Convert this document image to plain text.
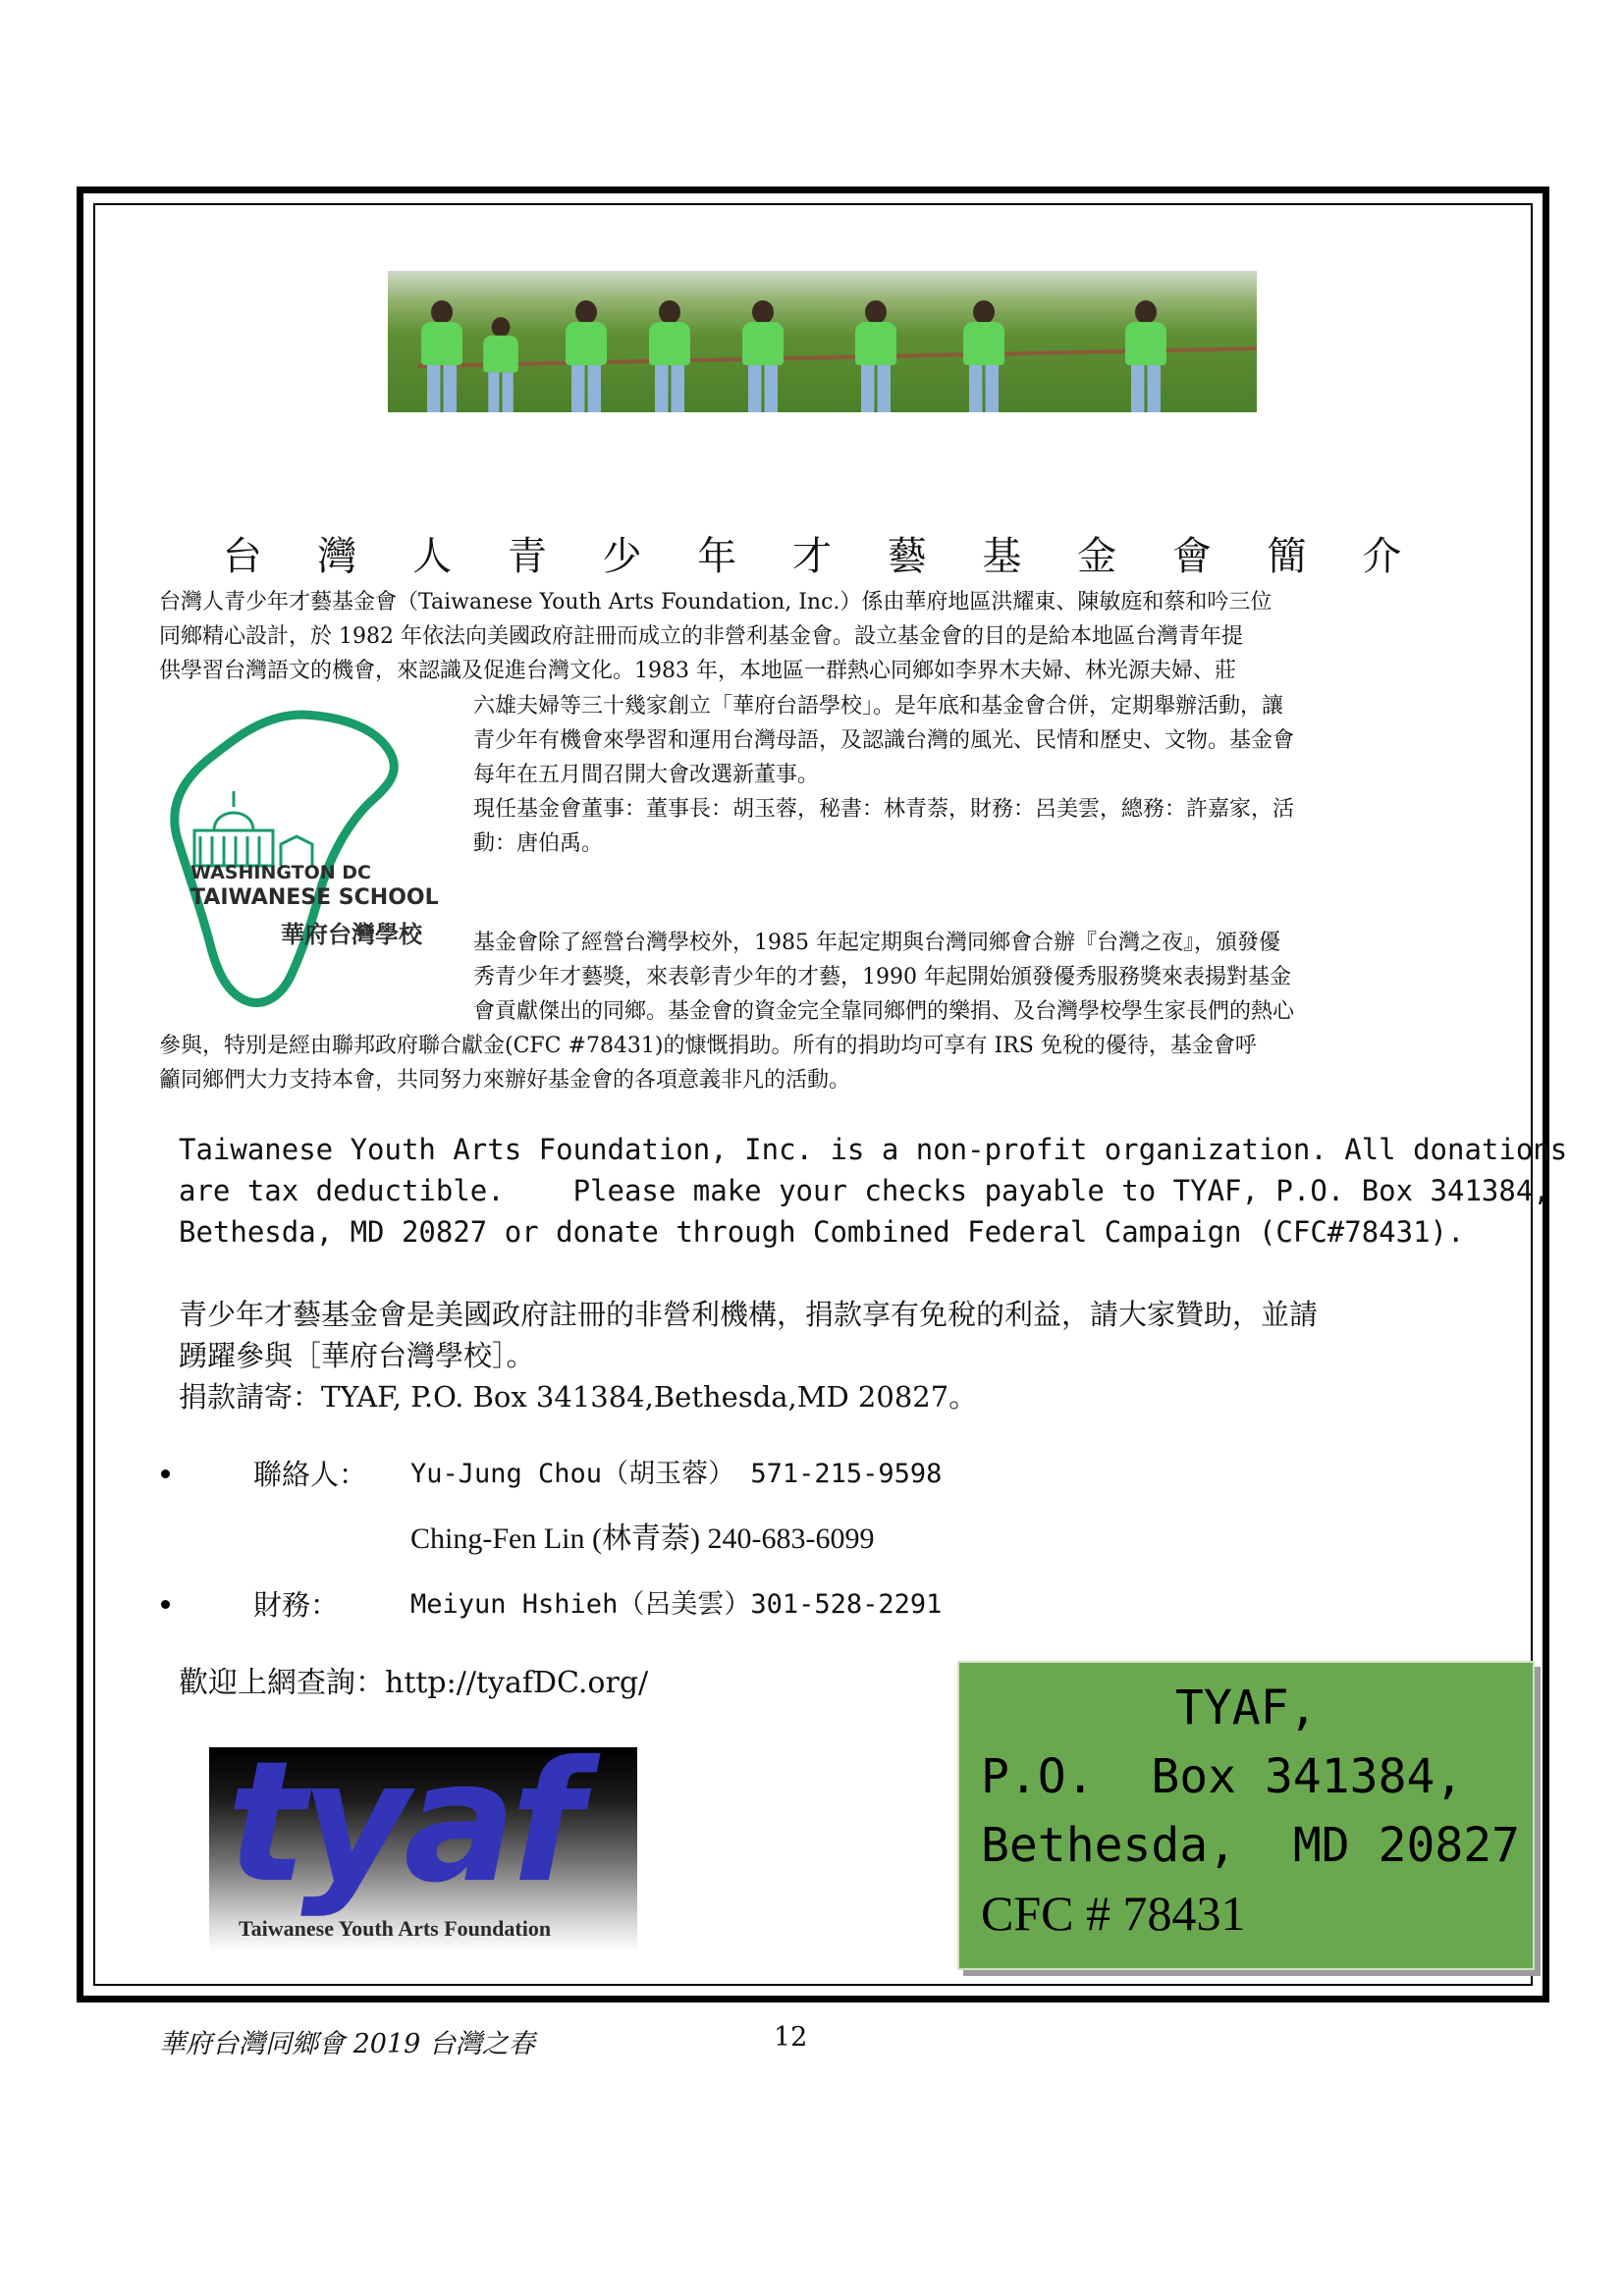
台 灣 人 青 少 年 才 藝 基 金 會 簡 介
台灣人青少年才藝基金會（Taiwanese Youth Arts Foundation, Inc.）係由華府地區洪耀東、陳敏庭和蔡和吟三位
同鄉精心設計，於 1982 年依法向美國政府註冊而成立的非營利基金會。設立基金會的目的是給本地區台灣青年提
供學習台灣語文的機會，來認識及促進台灣文化。1983 年，本地區一群熱心同鄉如李界木夫婦、林光源夫婦、莊
六雄夫婦等三十幾家創立「華府台語學校」。是年底和基金會合併，定期舉辦活動，讓
青少年有機會來學習和運用台灣母語，及認識台灣的風光、民情和歷史、文物。基金會
每年在五月間召開大會改選新董事。
現任基金會董事：董事長：胡玉蓉，秘書：林青萘，財務：呂美雲，總務：許嘉家，活
動：唐伯禹。
基金會除了經營台灣學校外，1985 年起定期與台灣同鄉會合辦『台灣之夜』，頒發優
秀青少年才藝獎，來表彰青少年的才藝，1990 年起開始頒發優秀服務獎來表揚對基金
會貢獻傑出的同鄉。基金會的資金完全靠同鄉們的樂捐、及台灣學校學生家長們的熱心
參與，特別是經由聯邦政府聯合獻金(CFC #78431)的慷慨捐助。所有的捐助均可享有 IRS 免稅的優待，基金會呼
籲同鄉們大力支持本會，共同努力來辦好基金會的各項意義非凡的活動。
WASHINGTON DC
TAIWANESE SCHOOL
華府台灣學校
Taiwanese Youth Arts Foundation, Inc. is a non-profit organization. All donations
are tax deductible.    Please make your checks payable to TYAF, P.O. Box 341384,
Bethesda, MD 20827 or donate through Combined Federal Campaign (CFC#78431).
青少年才藝基金會是美國政府註冊的非營利機構，捐款享有免稅的利益，請大家贊助，並請
踴躍參與［華府台灣學校］。
捐款請寄：TYAF, P.O. Box 341384,Bethesda,MD 20827。
聯絡人： Yu-Jung Chou（胡玉蓉） 571-215-9598
Ching-Fen Lin (林青萘) 240-683-6099
財務：	Meiyun Hshieh（呂美雲）301-528-2291
歡迎上網查詢：http://tyafDC.org/
tyaf
Taiwanese Youth Arts Foundation
TYAF,
P.O.  Box 341384,
Bethesda,  MD 20827
CFC # 78431
華府台灣同鄉會 2019 台灣之春	12
